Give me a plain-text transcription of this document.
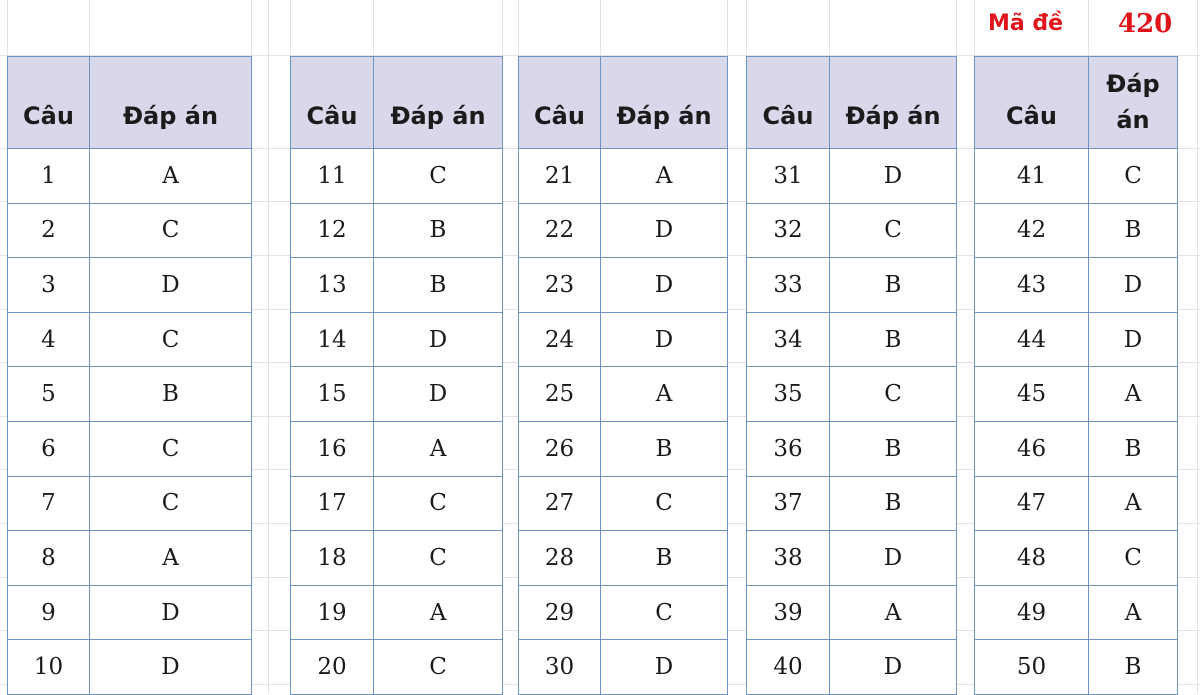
Mã đề 420
Câu	Đáp án
1	A
2	C
3	D
4	C
5	B
6	C
7	C
8	A
9	D
10	D
Câu	Đáp án
11	C
12	B
13	B
14	D
15	D
16	A
17	C
18	C
19	A
20	C
Câu	Đáp án
21	A
22	D
23	D
24	D
25	A
26	B
27	C
28	B
29	C
30	D
Câu	Đáp án
31	D
32	C
33	B
34	B
35	C
36	B
37	B
38	D
39	A
40	D
Câu	Đáp án
41	C
42	B
43	D
44	D
45	A
46	B
47	A
48	C
49	A
50	B
